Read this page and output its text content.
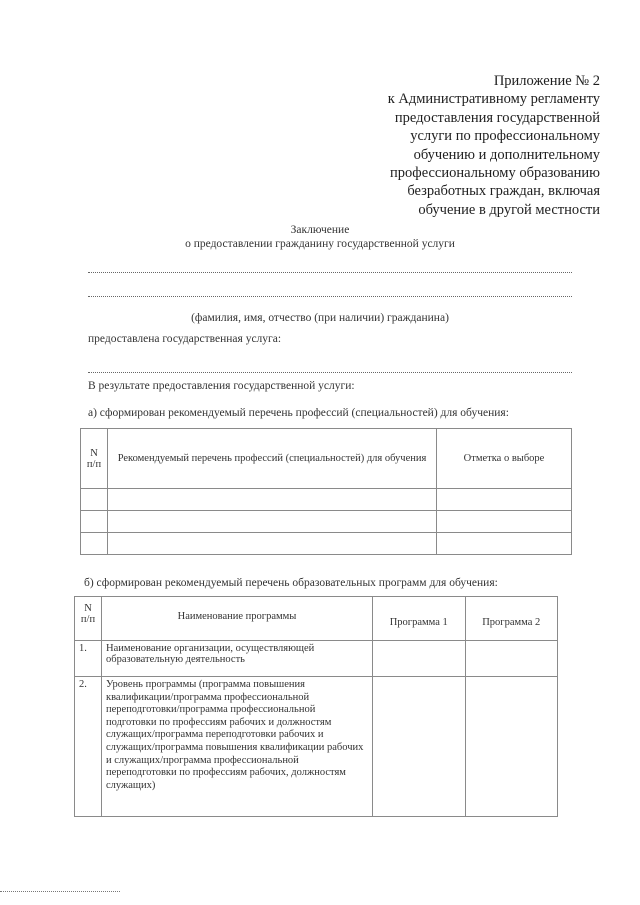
Приложение № 2
к Административному регламенту
предоставления государственной
услуги по профессиональному
обучению и дополнительному
профессиональному образованию
безработных граждан, включая
обучение в другой местности
Заключение
о предоставлении гражданину государственной услуги
(фамилия, имя, отчество (при наличии) гражданина)
предоставлена государственная услуга:
В результате предоставления государственной услуги:
а) сформирован рекомендуемый перечень профессий (специальностей) для обучения:
N п/п	Рекомендуемый перечень профессий (специальностей) для обучения	Отметка о выборе

б) сформирован рекомендуемый перечень образовательных программ для обучения:
N п/п	Наименование программы	Программа 1	Программа 2
1.	Наименование организации, осуществляющей образовательную деятельность		
2.	Уровень программы (программа повышения квалификации/программа профессиональной переподготовки/программа профессиональной подготовки по профессиям рабочих и должностям служащих/программа переподготовки рабочих и служащих/программа повышения квалификации рабочих и служащих/программа профессиональной переподготовки по профессиям рабочих, должностям служащих)		
